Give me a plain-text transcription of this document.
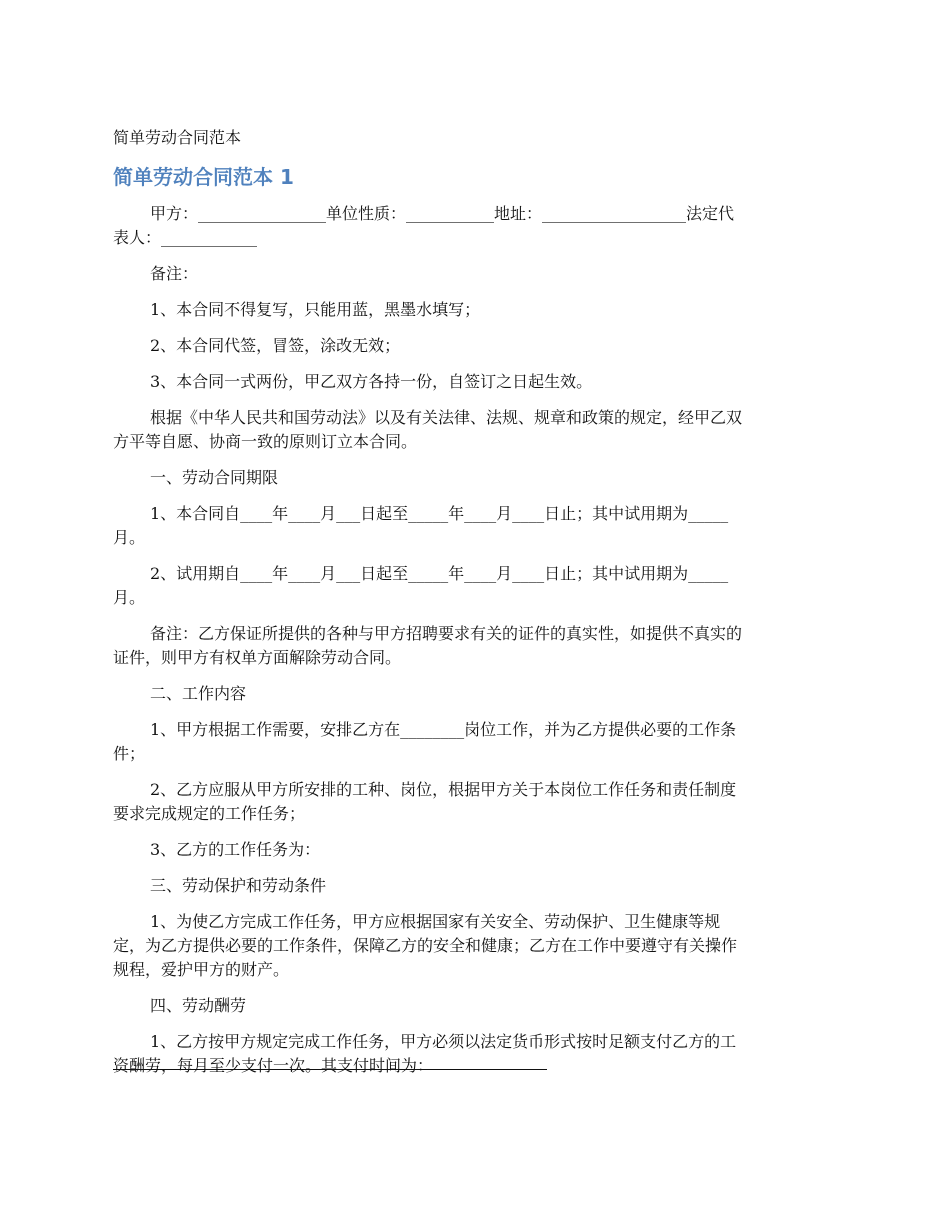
简单劳动合同范本
简单劳动合同范本 1
甲方：________________单位性质：___________地址：__________________法定代
表人：____________
备注：
1、本合同不得复写，只能用蓝，黑墨水填写；
2、本合同代签，冒签，涂改无效；
3、本合同一式两份，甲乙双方各持一份，自签订之日起生效。
根据《中华人民共和国劳动法》以及有关法律、法规、规章和政策的规定，经甲乙双
方平等自愿、协商一致的原则订立本合同。
一、劳动合同期限
1、本合同自____年____月___日起至_____年____月____日止；其中试用期为_____
月。
2、试用期自____年____月___日起至_____年____月____日止；其中试用期为_____
月。
备注：乙方保证所提供的各种与甲方招聘要求有关的证件的真实性，如提供不真实的
证件，则甲方有权单方面解除劳动合同。
二、工作内容
1、甲方根据工作需要，安排乙方在________岗位工作，并为乙方提供必要的工作条
件；
2、乙方应服从甲方所安排的工种、岗位，根据甲方关于本岗位工作任务和责任制度
要求完成规定的工作任务；
3、乙方的工作任务为：
三、劳动保护和劳动条件
1、为使乙方完成工作任务，甲方应根据国家有关安全、劳动保护、卫生健康等规
定，为乙方提供必要的工作条件，保障乙方的安全和健康；乙方在工作中要遵守有关操作
规程，爱护甲方的财产。
四、劳动酬劳
1、乙方按甲方规定完成工作任务，甲方必须以法定货币形式按时足额支付乙方的工
资酬劳，每月至少支付一次。其支付时间为：
